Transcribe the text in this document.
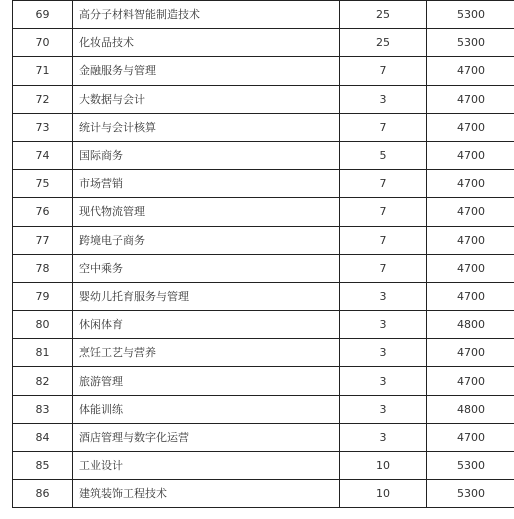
69	高分子材料智能制造技术	25	5300
70	化妆品技术	25	5300
71	金融服务与管理	7	4700
72	大数据与会计	3	4700
73	统计与会计核算	7	4700
74	国际商务	5	4700
75	市场营销	7	4700
76	现代物流管理	7	4700
77	跨境电子商务	7	4700
78	空中乘务	7	4700
79	婴幼儿托育服务与管理	3	4700
80	休闲体育	3	4800
81	烹饪工艺与营养	3	4700
82	旅游管理	3	4700
83	体能训练	3	4800
84	酒店管理与数字化运营	3	4700
85	工业设计	10	5300
86	建筑装饰工程技术	10	5300
